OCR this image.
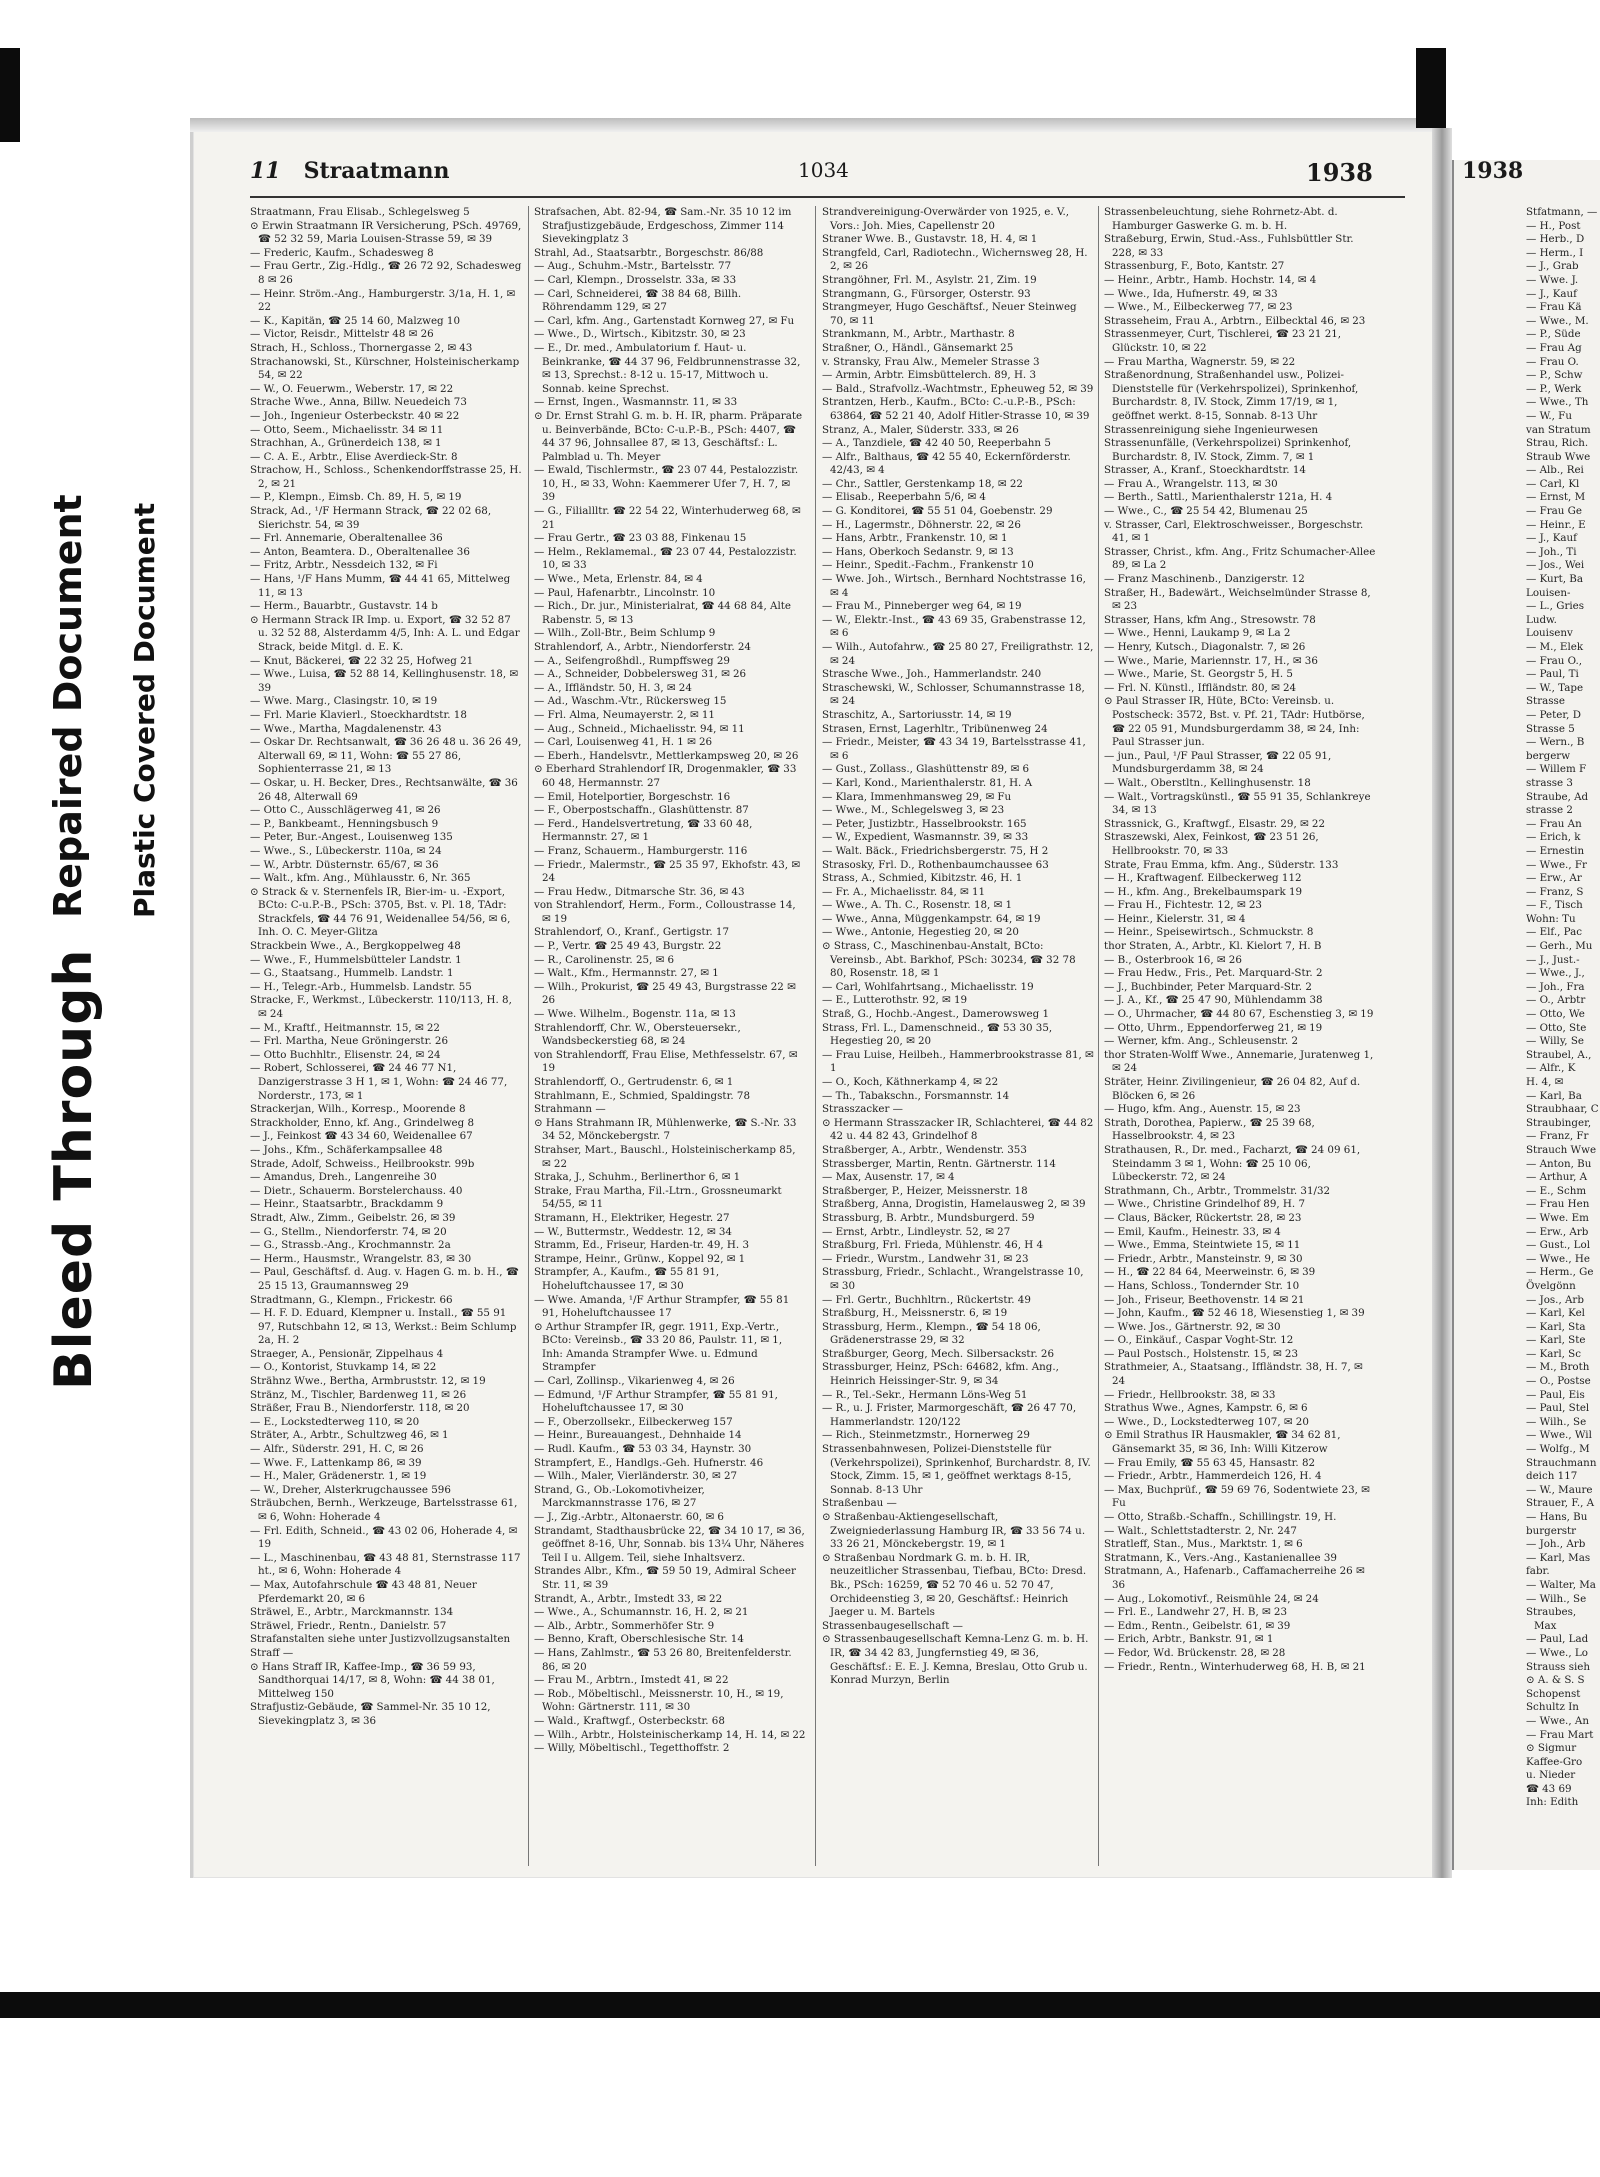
Bleed Through
Repaired Document Plastic Covered Document
11 Straatmann	1034	1938	1938
Straatmann, Frau Elisab., Schlegelsweg 5
⊙ Erwin Straatmann IR Versicherung, PSch. 49769, ☎ 52 32 59, Maria Louisen-Strasse 59, ✉ 39
— Frederic, Kaufm., Schadesweg 8
— Frau Gertr., Zig.-Hdlg., ☎ 26 72 92, Schadesweg 8 ✉ 26
— Heinr. Ström.-Ang., Hamburgerstr. 3/1a, H. 1, ✉ 22
— K., Kapitän, ☎ 25 14 60, Malzweg 10
— Victor, Reisdr., Mittelstr 48 ✉ 26
Strach, H., Schloss., Thornergasse 2, ✉ 43
Strachanowski, St., Kürschner, Holsteinischerkamp 54, ✉ 22
— W., O. Feuerwm., Weberstr. 17, ✉ 22
Strache Wwe., Anna, Billw. Neuedeich 73
— Joh., Ingenieur Osterbeckstr. 40 ✉ 22
— Otto, Seem., Michaelisstr. 34 ✉ 11
Strachhan, A., Grünerdeich 138, ✉ 1
— C. A. E., Arbtr., Elise Averdieck-Str. 8
Strachow, H., Schloss., Schenkendorffstrasse 25, H. 2, ✉ 21
— P., Klempn., Eimsb. Ch. 89, H. 5, ✉ 19
Strack, Ad., ¹/F Hermann Strack, ☎ 22 02 68, Sierichstr. 54, ✉ 39
— Frl. Annemarie, Oberaltenallee 36
— Anton, Beamtera. D., Oberaltenallee 36
— Fritz, Arbtr., Nessdeich 132, ✉ Fi
— Hans, ¹/F Hans Mumm, ☎ 44 41 65, Mittelweg 11, ✉ 13
— Herm., Bauarbtr., Gustavstr. 14 b
⊙ Hermann Strack IR Imp. u. Export, ☎ 32 52 87 u. 32 52 88, Alsterdamm 4/5, Inh: A. L. und Edgar Strack, beide Mitgl. d. E. K.
— Knut, Bäckerei, ☎ 22 32 25, Hofweg 21
— Wwe., Luisa, ☎ 52 88 14, Kellinghusenstr. 18, ✉ 39
— Wwe. Marg., Clasingstr. 10, ✉ 19
— Frl. Marie Klavierl., Stoeckhardtstr. 18
— Wwe., Martha, Magdalenenstr. 43
— Oskar Dr. Rechtsanwalt, ☎ 36 26 48 u. 36 26 49, Alterwall 69, ✉ 11, Wohn: ☎ 55 27 86, Sophienterrasse 21, ✉ 13
— Oskar, u. H. Becker, Dres., Rechtsanwälte, ☎ 36 26 48, Alterwall 69
— Otto C., Ausschlägerweg 41, ✉ 26
— P., Bankbeamt., Henningsbusch 9
— Peter, Bur.-Angest., Louisenweg 135
— Wwe., S., Lübeckerstr. 110a, ✉ 24
— W., Arbtr. Düsternstr. 65/67, ✉ 36
— Walt., kfm. Ang., Mühlausstr. 6, Nr. 365
⊙ Strack & v. Sternenfels IR, Bier-im- u. -Export, BCto: C-u.P.-B., PSch: 3705, Bst. v. Pl. 18, TAdr: Strackfels, ☎ 44 76 91, Weidenallee 54/56, ✉ 6, Inh. O. C. Meyer-Glitza
Strackbein Wwe., A., Bergkoppelweg 48
— Wwe., F., Hummelsbütteler Landstr. 1
— G., Staatsang., Hummelb. Landstr. 1
— H., Telegr.-Arb., Hummelsb. Landstr. 55
Stracke, F., Werkmst., Lübeckerstr. 110/113, H. 8, ✉ 24
— M., Kraftf., Heitmannstr. 15, ✉ 22
— Frl. Martha, Neue Gröningerstr. 26
— Otto Buchhltr., Elisenstr. 24, ✉ 24
— Robert, Schlosserei, ☎ 24 46 77 N1, Danzigerstrasse 3 H 1, ✉ 1, Wohn: ☎ 24 46 77, Norderstr., 173, ✉ 1
Strackerjan, Wilh., Korresp., Moorende 8
Strackholder, Enno, kf. Ang., Grindelweg 8
— J., Feinkost ☎ 43 34 60, Weidenallee 67
— Johs., Kfm., Schäferkampsallee 48
Strade, Adolf, Schweiss., Heilbrookstr. 99b
— Amandus, Dreh., Langenreihe 30
— Dietr., Schauerm. Borstelerchauss. 40
— Heinr., Staatsarbtr., Brackdamm 9
Stradt, Alw., Zimm., Geibelstr. 26, ✉ 39
— G., Stellm., Niendorferstr. 74, ✉ 20
— G., Strassb.-Ang., Krochmannstr. 2a
— Herm., Hausmstr., Wrangelstr. 83, ✉ 30
— Paul, Geschäftsf. d. Aug. v. Hagen G. m. b. H., ☎ 25 15 13, Graumannsweg 29
Stradtmann, G., Klempn., Frickestr. 66
— H. F. D. Eduard, Klempner u. Install., ☎ 55 91 97, Rutschbahn 12, ✉ 13, Werkst.: Beim Schlump 2a, H. 2
Straeger, A., Pensionär, Zippelhaus 4
— O., Kontorist, Stuvkamp 14, ✉ 22
Strähnz Wwe., Bertha, Armbruststr. 12, ✉ 19
Stränz, M., Tischler, Bardenweg 11, ✉ 26
Sträßer, Frau B., Niendorferstr. 118, ✉ 20
— E., Lockstedterweg 110, ✉ 20
Sträter, A., Arbtr., Schultzweg 46, ✉ 1
— Alfr., Süderstr. 291, H. C, ✉ 26
— Wwe. F., Lattenkamp 86, ✉ 39
— H., Maler, Grädenerstr. 1, ✉ 19
— W., Dreher, Alsterkrugchaussee 596
Sträubchen, Bernh., Werkzeuge, Bartelsstrasse 61, ✉ 6, Wohn: Hoherade 4
— Frl. Edith, Schneid., ☎ 43 02 06, Hoherade 4, ✉ 19
— L., Maschinenbau, ☎ 43 48 81, Sternstrasse 117 ht., ✉ 6, Wohn: Hoherade 4
— Max, Autofahrschule ☎ 43 48 81, Neuer Pferdemarkt 20, ✉ 6
Sträwel, E., Arbtr., Marckmannstr. 134
Sträwel, Friedr., Rentn., Danielstr. 57
Strafanstalten siehe unter Justizvollzugsanstalten
Straff —
⊙ Hans Straff IR, Kaffee-Imp., ☎ 36 59 93, Sandthorquai 14/17, ✉ 8, Wohn: ☎ 44 38 01, Mittelweg 150
Strafjustiz-Gebäude, ☎ Sammel-Nr. 35 10 12, Sievekingplatz 3, ✉ 36
Strafsachen, Abt. 82-94, ☎ Sam.-Nr. 35 10 12 im Strafjustizgebäude, Erdgeschoss, Zimmer 114 Sievekingplatz 3
Strahl, Ad., Staatsarbtr., Borgeschstr. 86/88
— Aug., Schuhm.-Mstr., Bartelsstr. 77
— Carl, Klempn., Drosselstr. 33a, ✉ 33
— Carl, Schneiderei, ☎ 38 84 68, Billh. Röhrendamm 129, ✉ 27
— Carl, kfm. Ang., Gartenstadt Kornweg 27, ✉ Fu
— Wwe., D., Wirtsch., Kibitzstr. 30, ✉ 23
— E., Dr. med., Ambulatorium f. Haut- u. Beinkranke, ☎ 44 37 96, Feldbrunnenstrasse 32, ✉ 13, Sprechst.: 8-12 u. 15-17, Mittwoch u. Sonnab. keine Sprechst.
— Ernst, Ingen., Wasmannstr. 11, ✉ 33
⊙ Dr. Ernst Strahl G. m. b. H. IR, pharm. Präparate u. Beinverbände, BCto: C-u.P.-B., PSch: 4407, ☎ 44 37 96, Johnsallee 87, ✉ 13, Geschäftsf.: L. Palmblad u. Th. Meyer
— Ewald, Tischlermstr., ☎ 23 07 44, Pestalozzistr. 10, H., ✉ 33, Wohn: Kaemmerer Ufer 7, H. 7, ✉ 39
— G., Filiallltr. ☎ 22 54 22, Winterhuderweg 68, ✉ 21
— Frau Gertr., ☎ 23 03 88, Finkenau 15
— Helm., Reklamemal., ☎ 23 07 44, Pestalozzistr. 10, ✉ 33
— Wwe., Meta, Erlenstr. 84, ✉ 4
— Paul, Hafenarbtr., Lincolnstr. 10
— Rich., Dr. jur., Ministerialrat, ☎ 44 68 84, Alte Rabenstr. 5, ✉ 13
— Wilh., Zoll-Btr., Beim Schlump 9
Strahlendorf, A., Arbtr., Niendorferstr. 24
— A., Seifengroßhdl., Rumpffsweg 29
— A., Schneider, Dobbelersweg 31, ✉ 26
— A., Iffländstr. 50, H. 3, ✉ 24
— Ad., Waschm.-Vtr., Rückersweg 15
— Frl. Alma, Neumayerstr. 2, ✉ 11
— Aug., Schneid., Michaelisstr. 94, ✉ 11
— Carl, Louisenweg 41, H. 1 ✉ 26
— Eberh., Handelsvtr., Mettlerkampsweg 20, ✉ 26
⊙ Eberhard Strahlendorf IR, Drogenmakler, ☎ 33 60 48, Hermannstr. 27
— Emil, Hotelportier, Borgeschstr. 16
— F., Oberpostschaffn., Glashüttenstr. 87
— Ferd., Handelsvertretung, ☎ 33 60 48, Hermannstr. 27, ✉ 1
— Franz, Schauerm., Hamburgerstr. 116
— Friedr., Malermstr., ☎ 25 35 97, Ekhofstr. 43, ✉ 24
— Frau Hedw., Ditmarsche Str. 36, ✉ 43
von Strahlendorf, Herm., Form., Colloustrasse 14, ✉ 19
Strahlendorf, O., Kranf., Gertigstr. 17
— P., Vertr. ☎ 25 49 43, Burgstr. 22
— R., Carolinenstr. 25, ✉ 6
— Walt., Kfm., Hermannstr. 27, ✉ 1
— Wilh., Prokurist, ☎ 25 49 43, Burgstrasse 22 ✉ 26
— Wwe. Wilhelm., Bogenstr. 11a, ✉ 13
Strahlendorff, Chr. W., Obersteuersekr., Wandsbeckerstieg 68, ✉ 24
von Strahlendorff, Frau Elise, Methfesselstr. 67, ✉ 19
Strahlendorff, O., Gertrudenstr. 6, ✉ 1
Strahlmann, E., Schmied, Spaldingstr. 78
Strahmann —
⊙ Hans Strahmann IR, Mühlenwerke, ☎ S.-Nr. 33 34 52, Mönckebergstr. 7
Strahser, Mart., Bauschl., Holsteinischerkamp 85, ✉ 22
Straka, J., Schuhm., Berlinerthor 6, ✉ 1
Strake, Frau Martha, Fil.-Ltrn., Grossneumarkt 54/55, ✉ 11
Stramann, H., Elektriker, Hegestr. 27
— W., Buttermstr., Weddestr. 12, ✉ 34
Stramm, Ed., Friseur, Harden-tr. 49, H. 3
Strampe, Heinr., Grünw., Koppel 92, ✉ 1
Strampfer, A., Kaufm., ☎ 55 81 91, Hoheluftchaussee 17, ✉ 30
— Wwe. Amanda, ¹/F Arthur Strampfer, ☎ 55 81 91, Hoheluftchaussee 17
⊙ Arthur Strampfer IR, gegr. 1911, Exp.-Vertr., BCto: Vereinsb., ☎ 33 20 86, Paulstr. 11, ✉ 1, Inh: Amanda Strampfer Wwe. u. Edmund Strampfer
— Carl, Zollinsp., Vikarienweg 4, ✉ 26
— Edmund, ¹/F Arthur Strampfer, ☎ 55 81 91, Hoheluftchaussee 17, ✉ 30
— F., Oberzollsekr., Eilbeckerweg 157
— Heinr., Bureauangest., Dehnhaide 14
— Rudl. Kaufm., ☎ 53 03 34, Haynstr. 30
Strampfert, E., Handlgs.-Geh. Hufnerstr. 46
— Wilh., Maler, Vierländerstr. 30, ✉ 27
Strand, G., Ob.-Lokomotivheizer, Marckmannstrasse 176, ✉ 27
— J., Zig.-Arbtr., Altonaerstr. 60, ✉ 6
Strandamt, Stadthausbrücke 22, ☎ 34 10 17, ✉ 36, geöffnet 8-16, Uhr, Sonnab. bis 13¼ Uhr, Näheres Teil I u. Allgem. Teil, siehe Inhaltsverz.
Strandes Albr., Kfm., ☎ 59 50 19, Admiral Scheer Str. 11, ✉ 39
Strandt, A., Arbtr., Imstedt 33, ✉ 22
— Wwe., A., Schumannstr. 16, H. 2, ✉ 21
— Alb., Arbtr., Sommerhöfer Str. 9
— Benno, Kraft, Oberschlesische Str. 14
— Hans, Zahlmstr., ☎ 53 26 80, Breitenfelderstr. 86, ✉ 20
— Frau M., Arbtrn., Imstedt 41, ✉ 22
— Rob., Möbeltischl., Meissnerstr. 10, H., ✉ 19, Wohn: Gärtnerstr. 111, ✉ 30
— Wald., Kraftwgf., Osterbeckstr. 68
— Wilh., Arbtr., Holsteinischerkamp 14, H. 14, ✉ 22
— Willy, Möbeltischl., Tegetthoffstr. 2
Strandvereinigung-Overwärder von 1925, e. V., Vors.: Joh. Mies, Capellenstr 20
Straner Wwe. B., Gustavstr. 18, H. 4, ✉ 1
Strangfeld, Carl, Radiotechn., Wichernsweg 28, H. 2, ✉ 26
Strangöhner, Frl. M., Asylstr. 21, Zim. 19
Strangmann, G., Fürsorger, Osterstr. 93
Strangmeyer, Hugo Geschäftsf., Neuer Steinweg 70, ✉ 11
Strankmann, M., Arbtr., Marthastr. 8
Straßner, O., Händl., Gänsemarkt 25
v. Stransky, Frau Alw., Memeler Strasse 3
— Armin, Arbtr. Eimsbüttelerch. 89, H. 3
— Bald., Strafvollz.-Wachtmstr., Epheuweg 52, ✉ 39
Strantzen, Herb., Kaufm., BCto: C.-u.P.-B., PSch: 63864, ☎ 52 21 40, Adolf Hitler-Strasse 10, ✉ 39
Stranz, A., Maler, Süderstr. 333, ✉ 26
— A., Tanzdiele, ☎ 42 40 50, Reeperbahn 5
— Alfr., Balthaus, ☎ 42 55 40, Eckernförderstr. 42/43, ✉ 4
— Chr., Sattler, Gerstenkamp 18, ✉ 22
— Elisab., Reeperbahn 5/6, ✉ 4
— G. Konditorei, ☎ 55 51 04, Goebenstr. 29
— H., Lagermstr., Döhnerstr. 22, ✉ 26
— Hans, Arbtr., Frankenstr. 10, ✉ 1
— Hans, Oberkoch Sedanstr. 9, ✉ 13
— Heinr., Spedit.-Fachm., Frankenstr 10
— Wwe. Joh., Wirtsch., Bernhard Nochtstrasse 16, ✉ 4
— Frau M., Pinneberger weg 64, ✉ 19
— W., Elektr.-Inst., ☎ 43 69 35, Grabenstrasse 12, ✉ 6
— Wilh., Autofahrw., ☎ 25 80 27, Freiligrathstr. 12, ✉ 24
Strasche Wwe., Joh., Hammerlandstr. 240
Straschewski, W., Schlosser, Schumannstrasse 18, ✉ 24
Straschitz, A., Sartoriusstr. 14, ✉ 19
Strasen, Ernst, Lagerhltr., Tribünenweg 24
— Friedr., Meister, ☎ 43 34 19, Bartelsstrasse 41, ✉ 6
— Gust., Zollass., Glashüttenstr 89, ✉ 6
— Karl, Kond., Marienthalerstr. 81, H. A
— Klara, Immenhmansweg 29, ✉ Fu
— Wwe., M., Schlegelsweg 3, ✉ 23
— Peter, Justizbtr., Hasselbrookstr. 165
— W., Expedient, Wasmannstr. 39, ✉ 33
— Walt. Bäck., Friedrichsbergerstr. 75, H 2
Strasosky, Frl. D., Rothenbaumchaussee 63
Strass, A., Schmied, Kibitzstr. 46, H. 1
— Fr. A., Michaelisstr. 84, ✉ 11
— Wwe., A. Th. C., Rosenstr. 18, ✉ 1
— Wwe., Anna, Müggenkampstr. 64, ✉ 19
— Wwe., Antonie, Hegestieg 20, ✉ 20
⊙ Strass, C., Maschinenbau-Anstalt, BCto: Vereinsb., Abt. Barkhof, PSch: 30234, ☎ 32 78 80, Rosenstr. 18, ✉ 1
— Carl, Wohlfahrtsang., Michaelisstr. 19
— E., Lutterothstr. 92, ✉ 19
Straß, G., Hochb.-Angest., Damerowsweg 1
Strass, Frl. L., Damenschneid., ☎ 53 30 35, Hegestieg 20, ✉ 20
— Frau Luise, Heilbeh., Hammerbrookstrasse 81, ✉ 1
— O., Koch, Käthnerkamp 4, ✉ 22
— Th., Tabakschn., Forsmannstr. 14
Strasszacker —
⊙ Hermann Strasszacker IR, Schlachterei, ☎ 44 82 42 u. 44 82 43, Grindelhof 8
Straßberger, A., Arbtr., Wendenstr. 353
Strassberger, Martin, Rentn. Gärtnerstr. 114
— Max, Ausenstr. 17, ✉ 4
Straßberger, P., Heizer, Meissnerstr. 18
Straßberg, Anna, Drogistin, Hamelausweg 2, ✉ 39
Strassburg, B. Arbtr., Mundsburgerd. 59
— Ernst, Arbtr., Lindleystr. 52, ✉ 27
Straßburg, Frl. Frieda, Mühlenstr. 46, H 4
— Friedr., Wurstm., Landwehr 31, ✉ 23
Strassburg, Friedr., Schlacht., Wrangelstrasse 10, ✉ 30
— Frl. Gertr., Buchhltrn., Rückertstr. 49
Straßburg, H., Meissnerstr. 6, ✉ 19
Strassburg, Herm., Klempn., ☎ 54 18 06, Grädenerstrasse 29, ✉ 32
Straßburger, Georg, Mech. Silbersackstr. 26
Strassburger, Heinz, PSch: 64682, kfm. Ang., Heinrich Heissinger-Str. 9, ✉ 34
— R., Tel.-Sekr., Hermann Löns-Weg 51
— R., u. J. Frister, Marmorgeschäft, ☎ 26 47 70, Hammerlandstr. 120/122
— Rich., Steinmetzmstr., Hornerweg 29
Strassenbahnwesen, Polizei-Dienststelle für (Verkehrspolizei), Sprinkenhof, Burchardstr. 8, IV. Stock, Zimm. 15, ✉ 1, geöffnet werktags 8-15, Sonnab. 8-13 Uhr
Straßenbau —
⊙ Straßenbau-Aktiengesellschaft, Zweigniederlassung Hamburg IR, ☎ 33 56 74 u. 33 26 21, Mönckebergstr. 19, ✉ 1
⊙ Straßenbau Nordmark G. m. b. H. IR, neuzeitlicher Strassenbau, Tiefbau, BCto: Dresd. Bk., PSch: 16259, ☎ 52 70 46 u. 52 70 47, Orchideenstieg 3, ✉ 20, Geschäftsf.: Heinrich Jaeger u. M. Bartels
Strassenbaugesellschaft —
⊙ Strassenbaugesellschaft Kemna-Lenz G. m. b. H. IR, ☎ 34 42 83, Jungfernstieg 49, ✉ 36, Geschäftsf.: E. E. J. Kemna, Breslau, Otto Grub u. Konrad Murzyn, Berlin
Strassenbeleuchtung, siehe Rohrnetz-Abt. d. Hamburger Gaswerke G. m. b. H.
Straßeburg, Erwin, Stud.-Ass., Fuhlsbüttler Str. 228, ✉ 33
Strassenburg, F., Boto, Kantstr. 27
— Heinr., Arbtr., Hamb. Hochstr. 14, ✉ 4
— Wwe., Ida, Hufnerstr. 49, ✉ 33
— Wwe., M., Eilbeckerweg 77, ✉ 23
Strasseheim, Frau A., Arbtrn., Eilbecktal 46, ✉ 23
Strassenmeyer, Curt, Tischlerei, ☎ 23 21 21, Glückstr. 10, ✉ 22
— Frau Martha, Wagnerstr. 59, ✉ 22
Straßenordnung, Straßenhandel usw., Polizei-Dienststelle für (Verkehrspolizei), Sprinkenhof, Burchardstr. 8, IV. Stock, Zimm 17/19, ✉ 1, geöffnet werkt. 8-15, Sonnab. 8-13 Uhr
Strassenreinigung siehe Ingenieurwesen
Strassenunfälle, (Verkehrspolizei) Sprinkenhof, Burchardstr. 8, IV. Stock, Zimm. 7, ✉ 1
Strasser, A., Kranf., Stoeckhardtstr. 14
— Frau A., Wrangelstr. 113, ✉ 30
— Berth., Sattl., Marienthalerstr 121a, H. 4
— Wwe., C., ☎ 25 54 42, Blumenau 25
v. Strasser, Carl, Elektroschweisser., Borgeschstr. 41, ✉ 1
Strasser, Christ., kfm. Ang., Fritz Schumacher-Allee 89, ✉ La 2
— Franz Maschinenb., Danzigerstr. 12
Straßer, H., Badewärt., Weichselmünder Strasse 8, ✉ 23
Strasser, Hans, kfm Ang., Stresowstr. 78
— Wwe., Henni, Laukamp 9, ✉ La 2
— Henry, Kutsch., Diagonalstr. 7, ✉ 26
— Wwe., Marie, Mariennstr. 17, H., ✉ 36
— Wwe., Marie, St. Georgstr 5, H. 5
— Frl. N. Künstl., Iffländstr. 80, ✉ 24
⊙ Paul Strasser IR, Hüte, BCto: Vereinsb. u. Postscheck: 3572, Bst. v. Pf. 21, TAdr: Hutbörse, ☎ 22 05 91, Mundsburgerdamm 38, ✉ 24, Inh: Paul Strasser jun.
— jun., Paul, ¹/F Paul Strasser, ☎ 22 05 91, Mundsburgerdamm 38, ✉ 24
— Walt., Oberstltn., Kellinghusenstr. 18
— Walt., Vortragskünstl., ☎ 55 91 35, Schlankreye 34, ✉ 13
Strassnick, G., Kraftwgf., Elsastr. 29, ✉ 22
Straszewski, Alex, Feinkost, ☎ 23 51 26, Hellbrookstr. 70, ✉ 33
Strate, Frau Emma, kfm. Ang., Süderstr. 133
— H., Kraftwagenf. Eilbeckerweg 112
— H., kfm. Ang., Brekelbaumspark 19
— Frau H., Fichtestr. 12, ✉ 23
— Heinr., Kielerstr. 31, ✉ 4
— Heinr., Speisewirtsch., Schmuckstr. 8
thor Straten, A., Arbtr., Kl. Kielort 7, H. B
— B., Osterbrook 16, ✉ 26
— Frau Hedw., Fris., Pet. Marquard-Str. 2
— J., Buchbinder, Peter Marquard-Str. 2
— J. A., Kf., ☎ 25 47 90, Mühlendamm 38
— O., Uhrmacher, ☎ 44 80 67, Eschenstieg 3, ✉ 19
— Otto, Uhrm., Eppendorferweg 21, ✉ 19
— Werner, kfm. Ang., Schleusenstr. 2
thor Straten-Wolff Wwe., Annemarie, Juratenweg 1, ✉ 24
Sträter, Heinr. Zivilingenieur, ☎ 26 04 82, Auf d. Blöcken 6, ✉ 26
— Hugo, kfm. Ang., Auenstr. 15, ✉ 23
Strath, Dorothea, Papierw., ☎ 25 39 68, Hasselbrookstr. 4, ✉ 23
Strathausen, R., Dr. med., Facharzt, ☎ 24 09 61, Steindamm 3 ✉ 1, Wohn: ☎ 25 10 06, Lübeckerstr. 72, ✉ 24
Strathmann, Ch., Arbtr., Trommelstr. 31/32
— Wwe., Christine Grindelhof 89, H. 7
— Claus, Bäcker, Rückertstr. 28, ✉ 23
— Emil, Kaufm., Heinestr. 33, ✉ 4
— Wwe., Emma, Steintwiete 15, ✉ 11
— Friedr., Arbtr., Mansteinstr. 9, ✉ 30
— H., ☎ 22 84 64, Meerweinstr. 6, ✉ 39
— Hans, Schloss., Tondernder Str. 10
— Joh., Friseur, Beethovenstr. 14 ✉ 21
— John, Kaufm., ☎ 52 46 18, Wiesenstieg 1, ✉ 39
— Wwe. Jos., Gärtnerstr. 92, ✉ 30
— O., Einkäuf., Caspar Voght-Str. 12
— Paul Postsch., Holstenstr. 15, ✉ 23
Strathmeier, A., Staatsang., Iffländstr. 38, H. 7, ✉ 24
— Friedr., Hellbrookstr. 38, ✉ 33
Strathus Wwe., Agnes, Kampstr. 6, ✉ 6
— Wwe., D., Lockstedterweg 107, ✉ 20
⊙ Emil Strathus IR Hausmakler, ☎ 34 62 81, Gänsemarkt 35, ✉ 36, Inh: Willi Kitzerow
— Frau Emily, ☎ 55 63 45, Hansastr. 82
— Friedr., Arbtr., Hammerdeich 126, H. 4
— Max, Buchprüf., ☎ 59 69 76, Sodentwiete 23, ✉ Fu
— Otto, Straßb.-Schaffn., Schillingstr. 19, H.
— Walt., Schlettstadterstr. 2, Nr. 247
Stratleff, Stan., Mus., Marktstr. 1, ✉ 6
Stratmann, K., Vers.-Ang., Kastanienallee 39
Stratmann, A., Hafenarb., Caffamacherreihe 26 ✉ 36
— Aug., Lokomotivf., Reismühle 24, ✉ 24
— Frl. E., Landwehr 27, H. B, ✉ 23
— Edm., Rentn., Geibelstr. 61, ✉ 39
— Erich, Arbtr., Bankstr. 91, ✉ 1
— Fedor, Wd. Brückenstr. 28, ✉ 28
— Friedr., Rentn., Winterhuderweg 68, H. B, ✉ 21
Stfatmann, —
— H., Post
— Herb., D
— Herm., I
— J., Grab
— Wwe. J.
— J., Kauf
— Frau Kä
— Wwe., M.
— P., Süde
— Frau Ag
— Frau O.
— P., Schw
— P., Werk
— Wwe., Th
— W., Fu
van Stratum
Strau, Rich.
Straub Wwe
— Alb., Rei
— Carl, Kl
— Ernst, M
— Frau Ge
— Heinr., E
— J., Kauf
— Joh., Ti
— Jos., Wei
— Kurt, Ba
Louisen-
— L., Gries
Ludw.
Louisenv
— M., Elek
— Frau O.,
— Paul, Ti
— W., Tape
Strasse
— Peter, D
Strasse 5
— Wern., B
bergerw
— Willem F
strasse 3
Straube, Ad
strasse 2
— Frau An
— Erich, k
— Ernestin
— Wwe., Fr
— Erw., Ar
— Franz, S
— F., Tisch
Wohn: Tu
— Elf., Pac
— Gerh., Mu
— J., Just.-
— Wwe., J.,
— Joh., Fra
— O., Arbtr
— Otto, We
— Otto, Ste
— Willy, Se
Straubel, A.,
— Alfr., K
H. 4, ✉
— Karl, Ba
Straubhaar, C
Straubinger,
— Franz, Fr
Strauch Wwe
— Anton, Bu
— Arthur, A
— E., Schm
— Frau Hen
— Wwe. Em
— Erw., Arb
— Gust., Lol
— Wwe., He
— Herm., Ge
Övelgönn
— Jos., Arb
— Karl, Kel
— Karl, Sta
— Karl, Ste
— Karl, Sc
— M., Broth
— O., Postse
— Paul, Eis
— Paul, Stel
— Wilh., Se
— Wwe., Wil
— Wolfg., M
Strauchmann
deich 117
— W., Maure
Strauer, F., A
— Hans, Bu
burgerstr
— Joh., Arb
— Karl, Mas
fabr.
— Walter, Ma
— Wilh., Se
Straubes, Max
— Paul, Lad
— Wwe., Lo
Strauss sieh
⊙ A. & S. S
Schopenst
Schultz In
— Wwe., An
— Frau Mart
⊙ Sigmur
Kaffee-Gro
u. Nieder
☎ 43 69
Inh: Edith
